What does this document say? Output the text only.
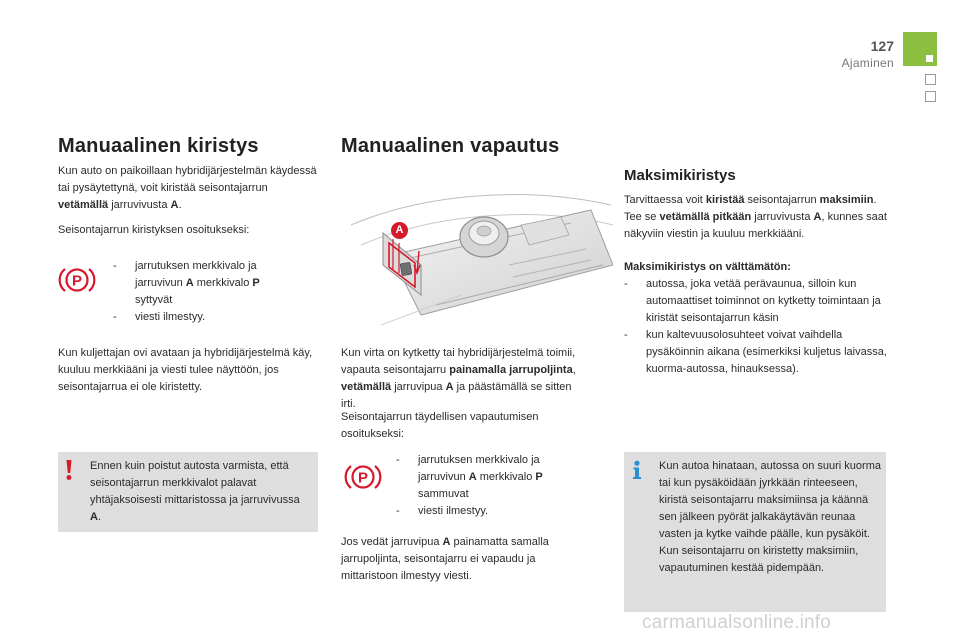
127
Ajaminen
Manuaalinen kiristys

Kun auto on paikoillaan hybridijärjestelmän käydessä tai pysäytettynä, voit kiristää seisontajarrun vetämällä jarruvivusta A.

Seisontajarrun kiristyksen osoitukseksi:

P
- jarrutuksen merkkivalo ja jarruvivun A merkkivalo P syttyvät
- viesti ilmestyy.

Kun kuljettajan ovi avataan ja hybridijärjestelmä käy, kuuluu merkkiääni ja viesti tulee näyttöön, jos seisontajarrua ei ole kiristetty.

Ennen kuin poistut autosta varmista, että seisontajarrun merkkivalot palavat yhtäjaksoisesti mittaristossa ja jarruvivussa A.

Manuaalinen vapautus
A

Kun virta on kytketty tai hybridijärjestelmä toimii, vapauta seisontajarru painamalla jarrupoljinta, vetämällä jarruvipua A ja päästämällä se sitten irti.

Seisontajarrun täydellisen vapautumisen osoitukseksi:

P
- jarrutuksen merkkivalo ja jarruvivun A merkkivalo P sammuvat
- viesti ilmestyy.

Jos vedät jarruvipua A painamatta samalla jarrupoljinta, seisontajarru ei vapaudu ja mittaristoon ilmestyy viesti.

Maksimikiristys

Tarvittaessa voit kiristää seisontajarrun maksimiin. Tee se vetämällä pitkään jarruvivusta A, kunnes saat näkyviin viestin ja kuuluu merkkiääni.

Maksimikiristys on välttämätön:

- autossa, joka vetää perävaunua, silloin kun automaattiset toiminnot on kytketty toimintaan ja kiristät seisontajarrun käsin
- kun kaltevuusolosuhteet voivat vaihdella pysäköinnin aikana (esimerkiksi kuljetus laivassa, kuorma-autossa, hinauksessa).

Kun autoa hinataan, autossa on suuri kuorma tai kun pysäköidään jyrkkään rinteeseen, kiristä seisontajarru maksimiinsa ja käännä sen jälkeen pyörät jalkakäytävän reunaa vasten ja kytke vaihde päälle, kun pysäköit. Kun seisontajarru on kiristetty maksimiin, vapautuminen kestää pidempään.

carmanualsonline.info
